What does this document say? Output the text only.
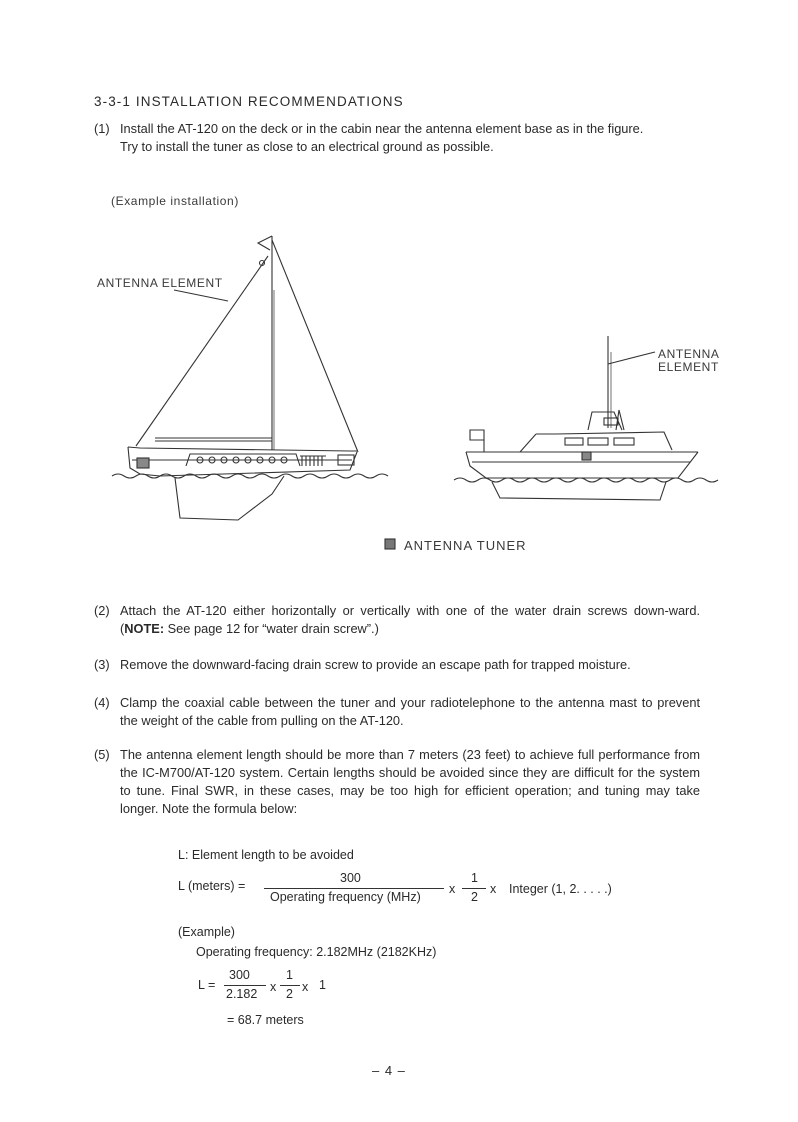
3-3-1 INSTALLATION RECOMMENDATIONS
(1) Install the AT-120 on the deck or in the cabin near the antenna element base as in the figure.
Try to install the tuner as close to an electrical ground as possible.
(Example installation)
ANTENNA ELEMENT
ANTENNA
ELEMENT
ANTENNA TUNER
(2) Attach the AT-120 either horizontally or vertically with one of the water drain screws down-ward. (NOTE: See page 12 for “water drain screw”.)
(3) Remove the downward-facing drain screw to provide an escape path for trapped moisture.
(4) Clamp the coaxial cable between the tuner and your radiotelephone to the antenna mast to prevent the weight of the cable from pulling on the AT-120.
(5) The antenna element length should be more than 7 meters (23 feet) to achieve full performance from the IC-M700/AT-120 system. Certain lengths should be avoided since they are difficult for the system to tune. Final SWR, in these cases, may be too high for efficient operation; and tuning may take longer. Note the formula below:
L: Element length to be avoided
L (meters) =
300
Operating frequency (MHz)
x
1
2
x Integer (1, 2. . . . .)
(Example)
Operating frequency: 2.182MHz (2182KHz)
L =
300
2.182 x
1
2 x 1
= 68.7 meters
– 4 –
